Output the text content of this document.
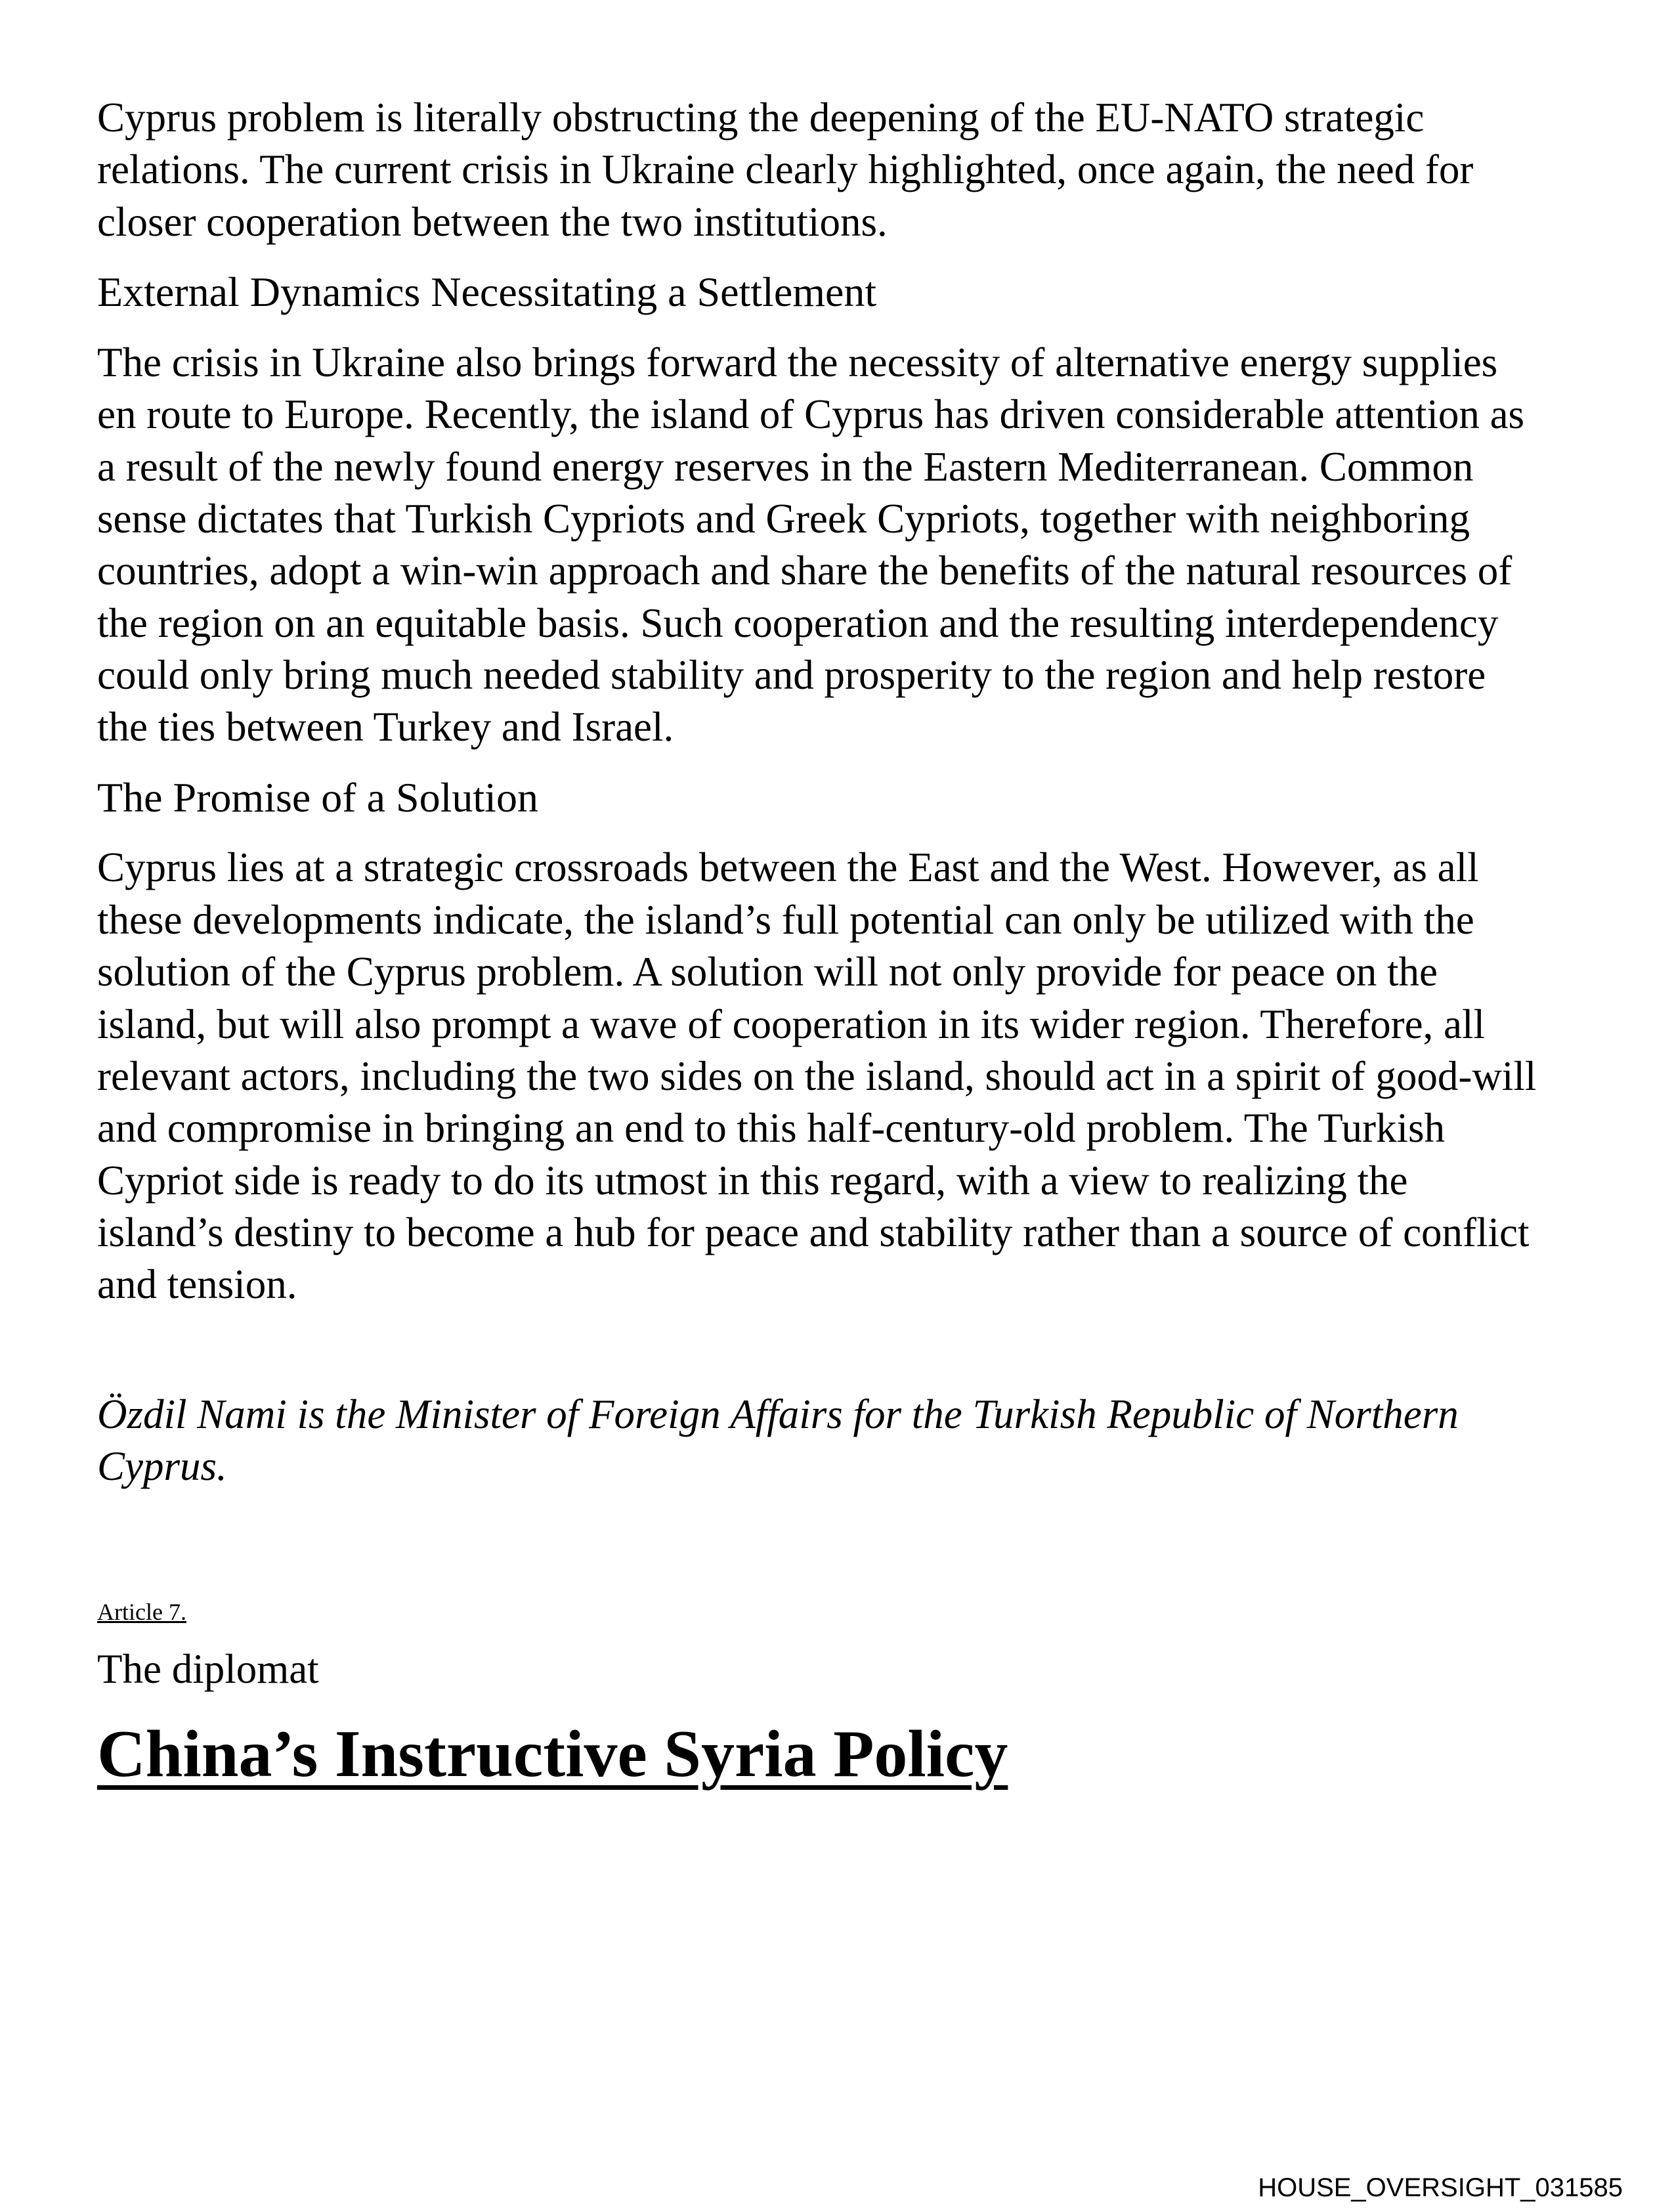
Cyprus problem is literally obstructing the deepening of the EU-NATO strategic relations. The current crisis in Ukraine clearly highlighted, once again, the need for closer cooperation between the two institutions.

External Dynamics Necessitating a Settlement

The crisis in Ukraine also brings forward the necessity of alternative energy supplies en route to Europe. Recently, the island of Cyprus has driven considerable attention as a result of the newly found energy reserves in the Eastern Mediterranean. Common sense dictates that Turkish Cypriots and Greek Cypriots, together with neighboring countries, adopt a win-win approach and share the benefits of the natural resources of the region on an equitable basis. Such cooperation and the resulting interdependency could only bring much needed stability and prosperity to the region and help restore the ties between Turkey and Israel.

The Promise of a Solution

Cyprus lies at a strategic crossroads between the East and the West. However, as all these developments indicate, the island’s full potential can only be utilized with the solution of the Cyprus problem. A solution will not only provide for peace on the island, but will also prompt a wave of cooperation in its wider region. Therefore, all relevant actors, including the two sides on the island, should act in a spirit of good-will and compromise in bringing an end to this half-century-old problem. The Turkish Cypriot side is ready to do its utmost in this regard, with a view to realizing the island’s destiny to become a hub for peace and stability rather than a source of conflict and tension.

Özdil Nami is the Minister of Foreign Affairs for the Turkish Republic of Northern Cyprus.

Article 7.

The diplomat

China’s Instructive Syria Policy
HOUSE_OVERSIGHT_031585
